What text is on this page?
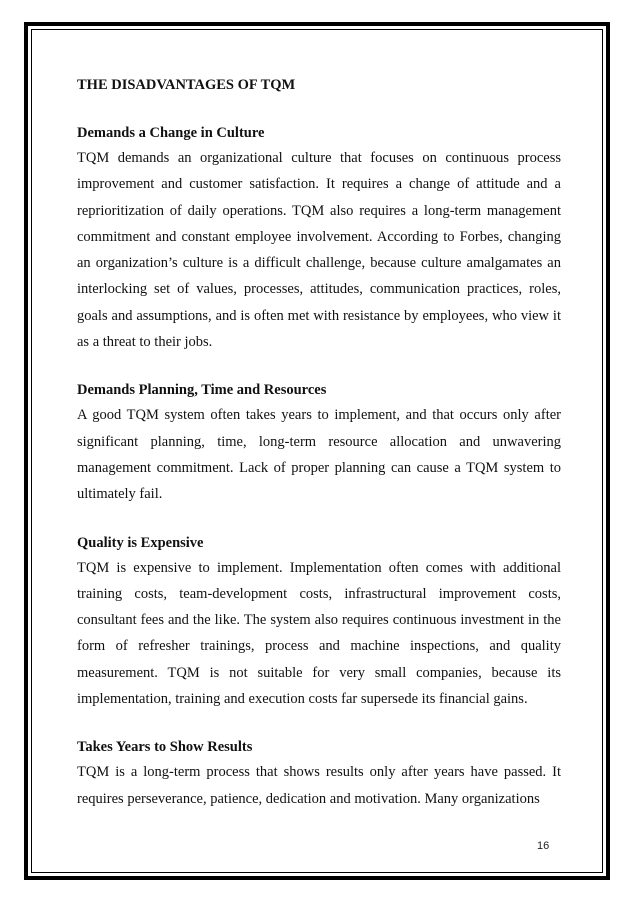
THE DISADVANTAGES OF TQM
Demands a Change in Culture

TQM demands an organizational culture that focuses on continuous process improvement and customer satisfaction. It requires a change of attitude and a reprioritization of daily operations. TQM also requires a long-term management commitment and constant employee involvement. According to Forbes, changing an organization’s culture is a difficult challenge, because culture amalgamates an interlocking set of values, processes, attitudes, communication practices, roles, goals and assumptions, and is often met with resistance by employees, who view it as a threat to their jobs.

Demands Planning, Time and Resources

A good TQM system often takes years to implement, and that occurs only after significant planning, time, long-term resource allocation and unwavering management commitment. Lack of proper planning can cause a TQM system to ultimately fail.

Quality is Expensive

TQM is expensive to implement. Implementation often comes with additional training costs, team-development costs, infrastructural improvement costs, consultant fees and the like. The system also requires continuous investment in the form of refresher trainings, process and machine inspections, and quality measurement. TQM is not suitable for very small companies, because its implementation, training and execution costs far supersede its financial gains.

Takes Years to Show Results

TQM is a long-term process that shows results only after years have passed. It requires perseverance, patience, dedication and motivation. Many organizations

16
